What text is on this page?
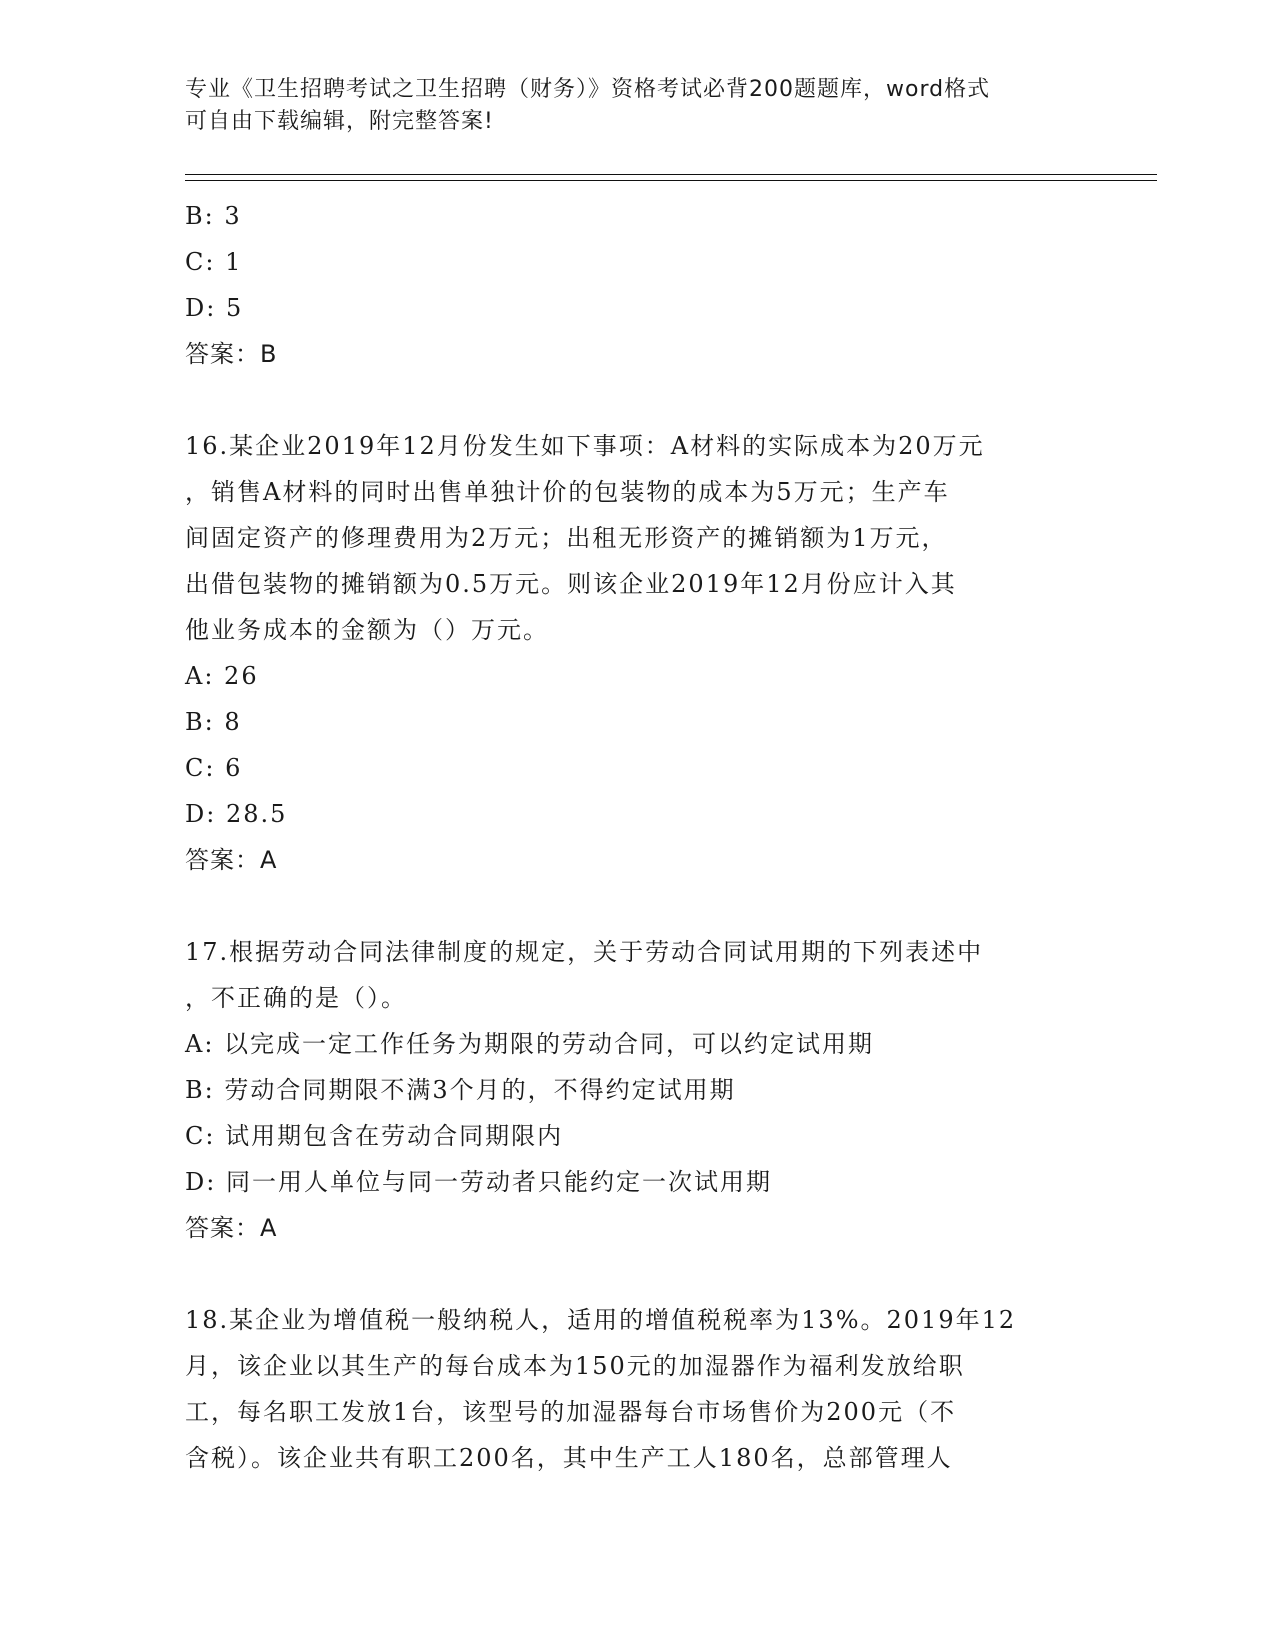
专业《卫生招聘考试之卫生招聘（财务）》资格考试必背200题题库，word格式
可自由下载编辑，附完整答案!
B: 3
C: 1
D: 5
答案：B
16.某企业2019年12月份发生如下事项：A材料的实际成本为20万元
，销售A材料的同时出售单独计价的包装物的成本为5万元；生产车
间固定资产的修理费用为2万元；出租无形资产的摊销额为1万元，
出借包装物的摊销额为0.5万元。则该企业2019年12月份应计入其
他业务成本的金额为（）万元。
A: 26
B: 8
C: 6
D: 28.5
答案：A
17.根据劳动合同法律制度的规定，关于劳动合同试用期的下列表述中
，不正确的是（）。
A: 以完成一定工作任务为期限的劳动合同，可以约定试用期
B: 劳动合同期限不满3个月的，不得约定试用期
C: 试用期包含在劳动合同期限内
D: 同一用人单位与同一劳动者只能约定一次试用期
答案：A
18.某企业为增值税一般纳税人，适用的增值税税率为13%。2019年12
月，该企业以其生产的每台成本为150元的加湿器作为福利发放给职
工，每名职工发放1台，该型号的加湿器每台市场售价为200元（不
含税）。该企业共有职工200名，其中生产工人180名，总部管理人
